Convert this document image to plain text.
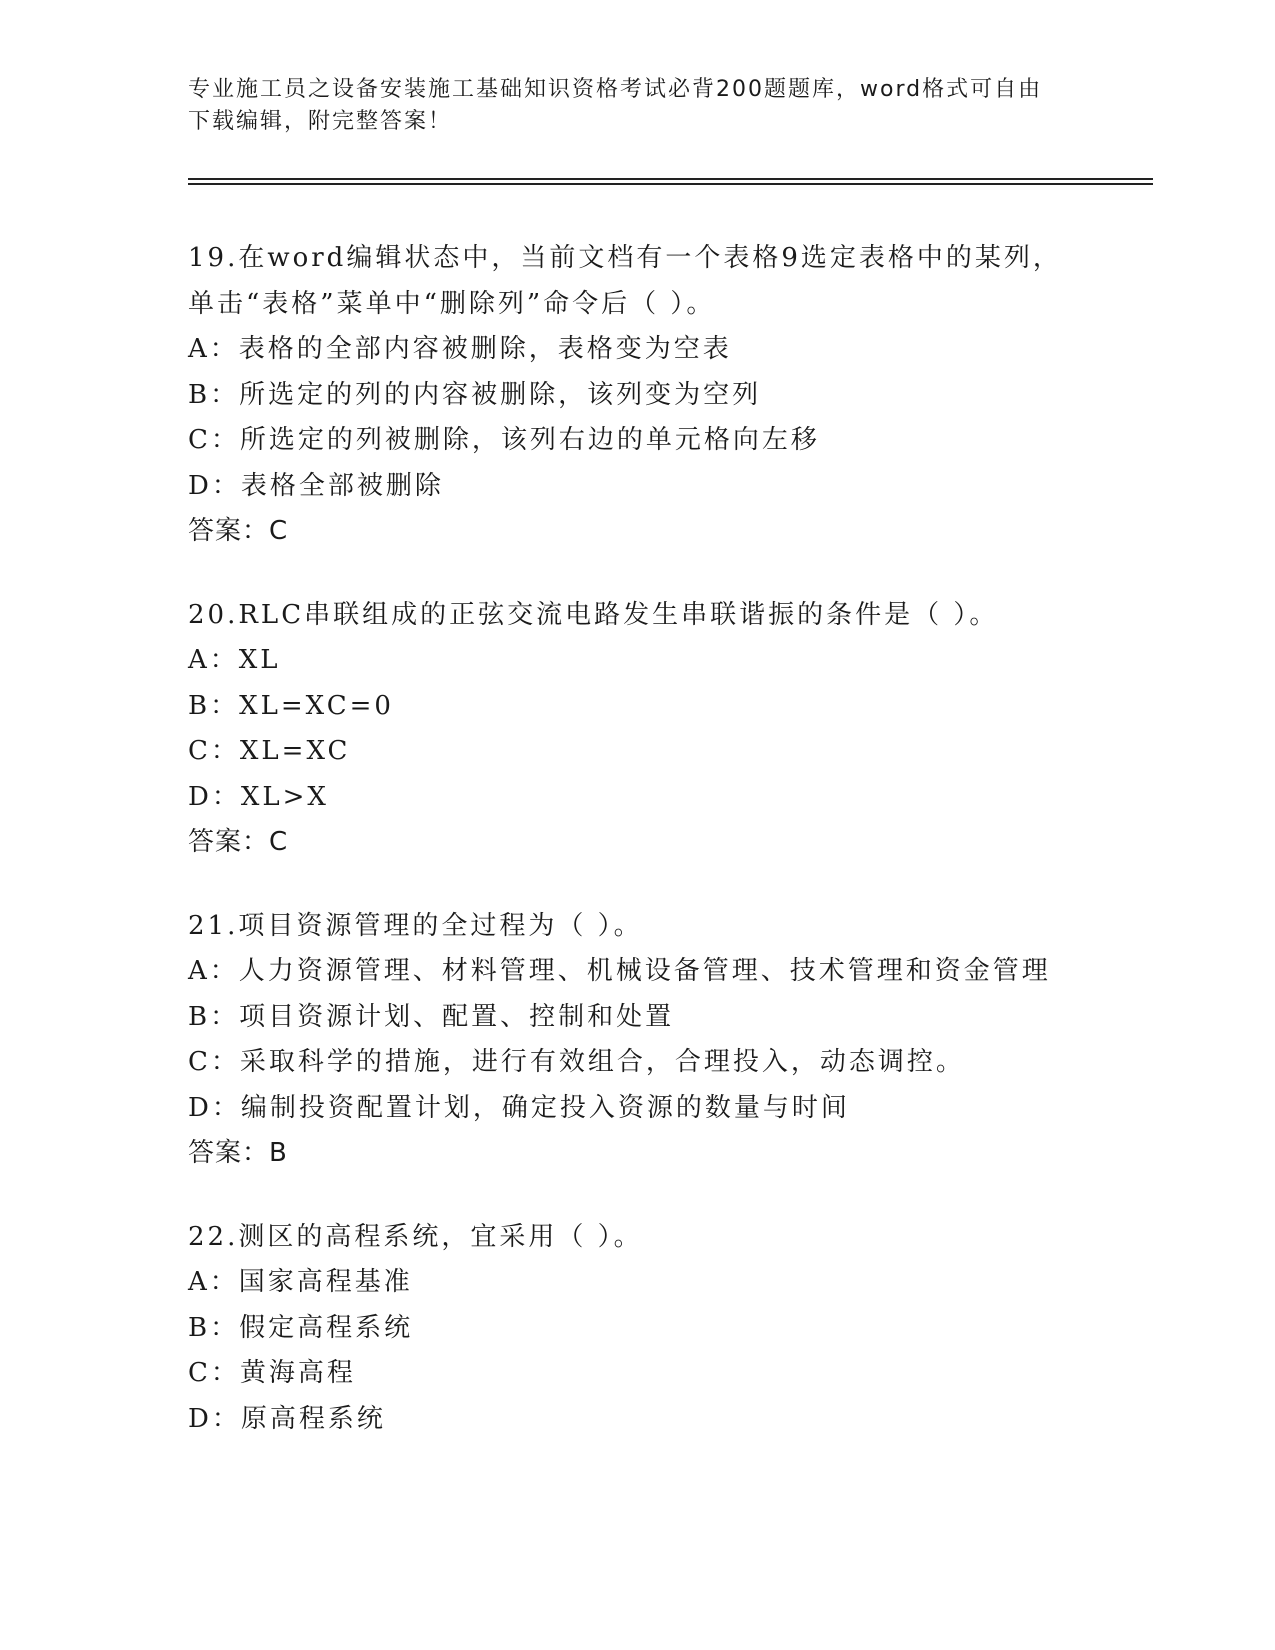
专业施工员之设备安装施工基础知识资格考试必背200题题库，word格式可自由
下载编辑，附完整答案！
19.在word编辑状态中，当前文档有一个表格9选定表格中的某列，
单击“表格”菜单中“删除列”命令后（ ）。
A：表格的全部内容被删除，表格变为空表
B：所选定的列的内容被删除，该列变为空列
C：所选定的列被删除，该列右边的单元格向左移
D：表格全部被删除
答案：C
20.RLC串联组成的正弦交流电路发生串联谐振的条件是（ ）。
A：XL
B：XL=XC=0
C：XL=XC
D：XL>X
答案：C
21.项目资源管理的全过程为（ ）。
A：人力资源管理、材料管理、机械设备管理、技术管理和资金管理
B：项目资源计划、配置、控制和处置
C：采取科学的措施，进行有效组合，合理投入，动态调控。
D：编制投资配置计划，确定投入资源的数量与时间
答案：B
22.测区的高程系统，宜采用（ ）。
A：国家高程基准
B：假定高程系统
C：黄海高程
D：原高程系统
